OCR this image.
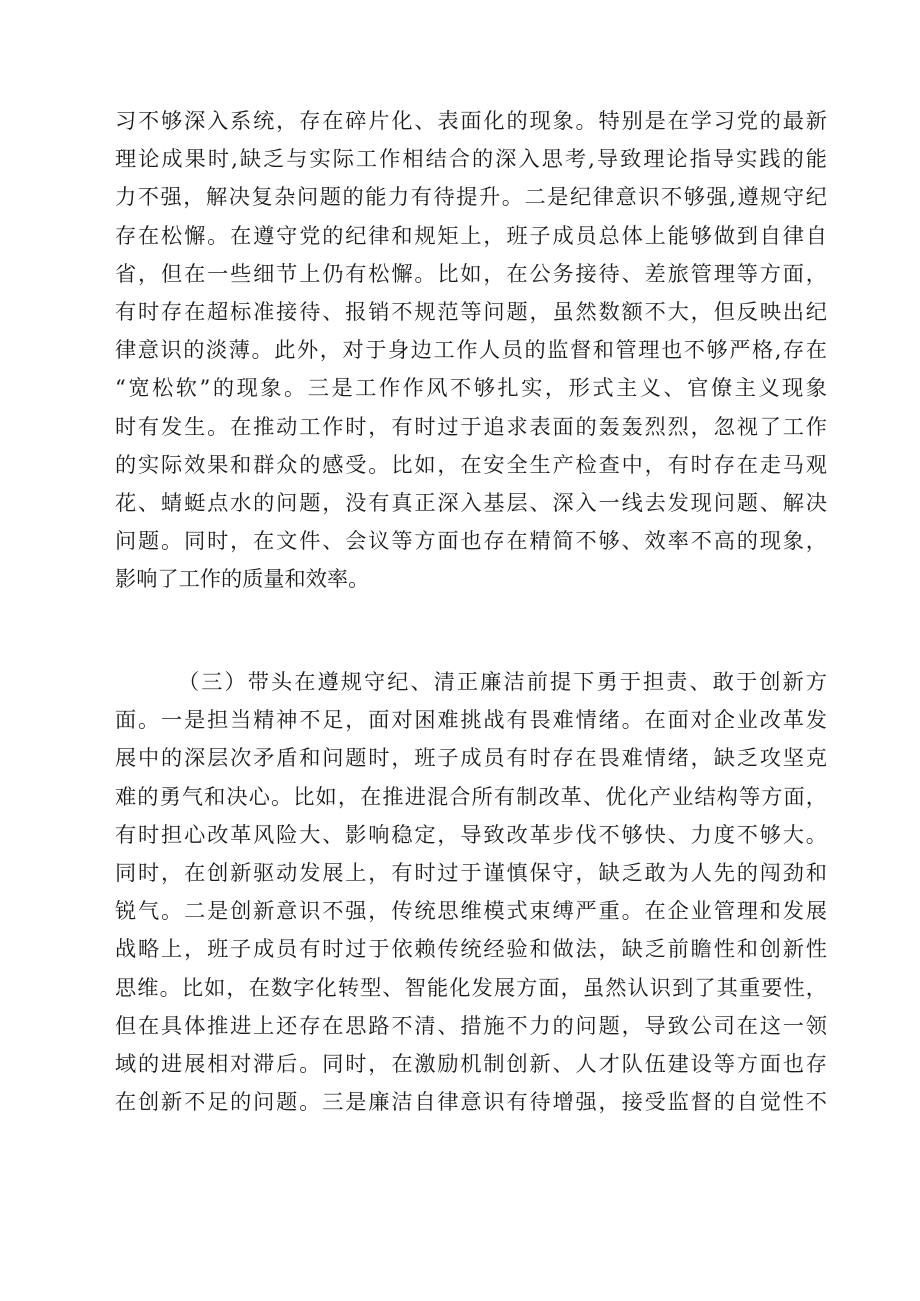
习不够深入系统，存在碎片化、表面化的现象。特别是在学习党的最新
理论成果时,缺乏与实际工作相结合的深入思考,导致理论指导实践的能
力不强，解决复杂问题的能力有待提升。二是纪律意识不够强,遵规守纪
存在松懈。在遵守党的纪律和规矩上，班子成员总体上能够做到自律自
省，但在一些细节上仍有松懈。比如，在公务接待、差旅管理等方面，
有时存在超标准接待、报销不规范等问题，虽然数额不大，但反映出纪
律意识的淡薄。此外，对于身边工作人员的监督和管理也不够严格,存在
“宽松软”的现象。三是工作作风不够扎实，形式主义、官僚主义现象
时有发生。在推动工作时，有时过于追求表面的轰轰烈烈，忽视了工作
的实际效果和群众的感受。比如，在安全生产检查中，有时存在走马观
花、蜻蜓点水的问题，没有真正深入基层、深入一线去发现问题、解决
问题。同时，在文件、会议等方面也存在精简不够、效率不高的现象，
影响了工作的质量和效率。
（三）带头在遵规守纪、清正廉洁前提下勇于担责、敢于创新方
面。一是担当精神不足，面对困难挑战有畏难情绪。在面对企业改革发
展中的深层次矛盾和问题时，班子成员有时存在畏难情绪，缺乏攻坚克
难的勇气和决心。比如，在推进混合所有制改革、优化产业结构等方面，
有时担心改革风险大、影响稳定，导致改革步伐不够快、力度不够大。
同时，在创新驱动发展上，有时过于谨慎保守，缺乏敢为人先的闯劲和
锐气。二是创新意识不强，传统思维模式束缚严重。在企业管理和发展
战略上，班子成员有时过于依赖传统经验和做法，缺乏前瞻性和创新性
思维。比如，在数字化转型、智能化发展方面，虽然认识到了其重要性，
但在具体推进上还存在思路不清、措施不力的问题，导致公司在这一领
域的进展相对滞后。同时，在激励机制创新、人才队伍建设等方面也存
在创新不足的问题。三是廉洁自律意识有待增强，接受监督的自觉性不
